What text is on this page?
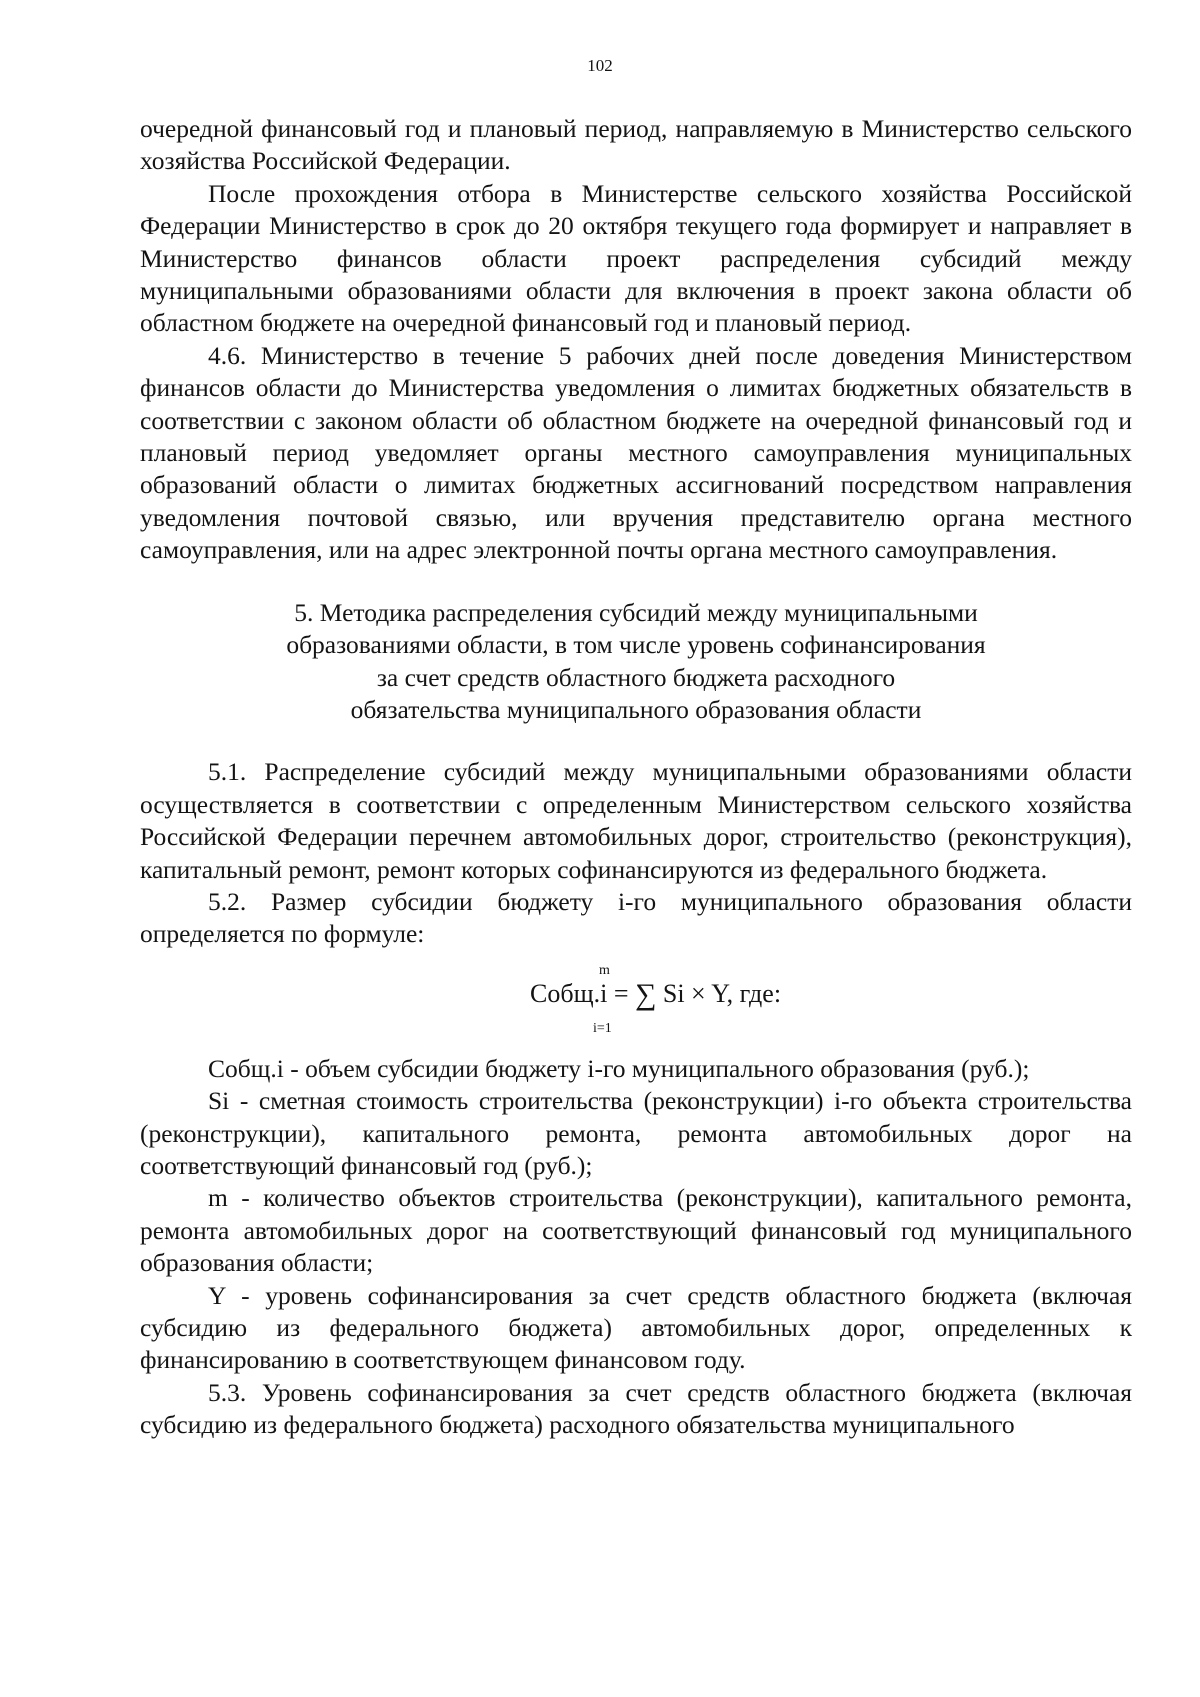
102

очередной финансовый год и плановый период, направляемую в Министерство сельского хозяйства Российской Федерации.

После прохождения отбора в Министерстве сельского хозяйства Российской Федерации Министерство в срок до 20 октября текущего года формирует и направляет в Министерство финансов области проект распределения субсидий между муниципальными образованиями области для включения в проект закона области об областном бюджете на очередной финансовый год и плановый период.

4.6. Министерство в течение 5 рабочих дней после доведения Министерством финансов области до Министерства уведомления о лимитах бюджетных обязательств в соответствии с законом области об областном бюджете на очередной финансовый год и плановый период уведомляет органы местного самоуправления муниципальных образований области о лимитах бюджетных ассигнований посредством направления уведомления почтовой связью, или вручения представителю органа местного самоуправления, или на адрес электронной почты органа местного самоуправления.

5. Методика распределения субсидий между муниципальными
образованиями области, в том числе уровень софинансирования
за счет средств областного бюджета расходного
обязательства муниципального образования области

5.1. Распределение субсидий между муниципальными образованиями области осуществляется в соответствии с определенным Министерством сельского хозяйства Российской Федерации перечнем автомобильных дорог, строительство (реконструкция), капитальный ремонт, ремонт которых софинансируются из федерального бюджета.

5.2. Размер субсидии бюджету i-го муниципального образования области определяется по формуле:

Cобщ.i =
m
∑
i=1
Si × Y, где:

Cобщ.i - объем субсидии бюджету i-го муниципального образования (руб.);

Si - сметная стоимость строительства (реконструкции) i-го объекта строительства (реконструкции), капитального ремонта, ремонта автомобильных дорог на соответствующий финансовый год (руб.);

m - количество объектов строительства (реконструкции), капитального ремонта, ремонта автомобильных дорог на соответствующий финансовый год муниципального образования области;

Y - уровень софинансирования за счет средств областного бюджета (включая субсидию из федерального бюджета) автомобильных дорог, определенных к финансированию в соответствующем финансовом году.

5.3. Уровень софинансирования за счет средств областного бюджета (включая субсидию из федерального бюджета) расходного обязательства муниципального
